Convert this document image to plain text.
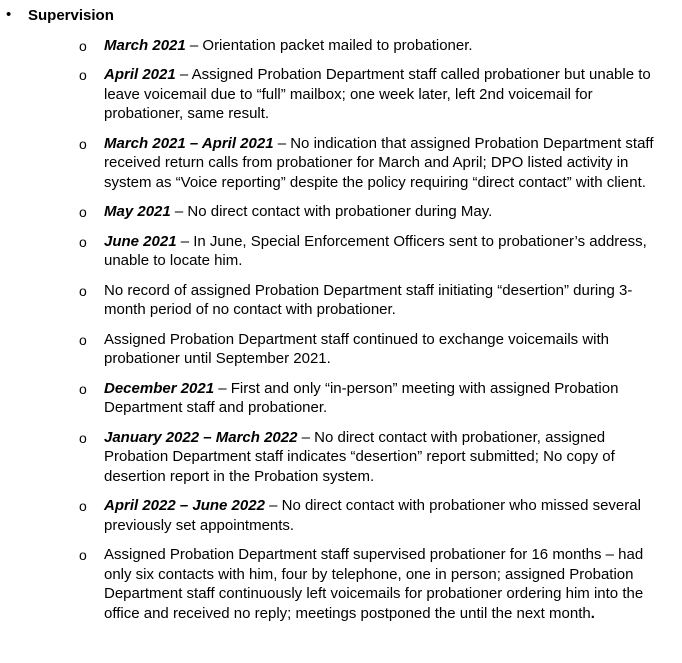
• Supervision
o March 2021 – Orientation packet mailed to probationer.
o April 2021 – Assigned Probation Department staff called probationer but unable to leave voicemail due to “full” mailbox; one week later, left 2nd voicemail for probationer, same result.
o March 2021 – April 2021 – No indication that assigned Probation Department staff received return calls from probationer for March and April; DPO listed activity in system as “Voice reporting” despite the policy requiring “direct contact” with client.
o May 2021 – No direct contact with probationer during May.
o June 2021 – In June, Special Enforcement Officers sent to probationer’s address, unable to locate him.
o No record of assigned Probation Department staff initiating “desertion” during 3-month period of no contact with probationer.
o Assigned Probation Department staff continued to exchange voicemails with probationer until September 2021.
o December 2021 – First and only “in-person” meeting with assigned Probation Department staff and probationer.
o January 2022 – March 2022 – No direct contact with probationer, assigned Probation Department staff indicates “desertion” report submitted; No copy of desertion report in the Probation system.
o April 2022 – June 2022 – No direct contact with probationer who missed several previously set appointments.
o Assigned Probation Department staff supervised probationer for 16 months – had only six contacts with him, four by telephone, one in person; assigned Probation Department staff continuously left voicemails for probationer ordering him into the office and received no reply; meetings postponed the until the next month.
